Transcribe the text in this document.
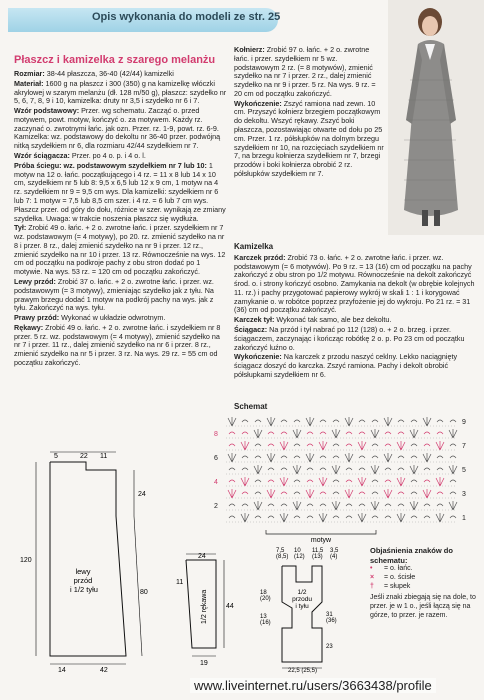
Opis wykonania do modeli ze str. 25
Płaszcz i kamizelka z szarego melanżu

Rozmiar: 38-44 płaszcza, 36-40 (42/44) kamizelki

Materiał: 1600 g na płaszcz i 300 (350) g na kamizelkę włóczki akrylowej w szarym melanżu (dł. 128 m/50 g), płaszcz: szydełko nr 5, 6, 7, 8, 9 i 10, kamizelka: druty nr 3,5 i szydełko nr 6 i 7.

Wzór podstawowy: Przer. wg schematu. Zacząć o. przed motywem, powt. motyw, kończyć o. za motywem. Każdy rz. zaczynać o. zwrotnymi łańc. jak ozn. Przer. rz. 1-9, powt. rz. 6-9. Kamizelka: wz. podstawowy do dekoltu nr 36-40 przer. podwójną nitką szydełkiem nr 6, dla rozmiaru 42/44 szydełkiem nr 7.

Wzór ściągacza: Przer. po 4 o. p. i 4 o. l.

Próba ściegu: wz. podstawowym szydełkiem nr 7 lub 10: 1 motyw na 12 o. łańc. początkującego i 4 rz. = 11 x 8 lub 14 x 10 cm, szydełkiem nr 5 lub 8: 9,5 x 6,5 lub 12 x 9 cm, 1 motyw na 4 rz. szydełkiem nr 9 = 9,5 cm wys. Dla kamizelki: szydełkiem nr 6 lub 7: 1 motyw = 7,5 lub 8,5 cm szer. i 4 rz. = 6 lub 7 cm wys. Płaszcz przer. od góry do dołu, różnice w szer. wynikają ze zmiany szydełka. Uwaga: w trakcie noszenia płaszcz się wydłuża.

Tył: Zrobić 49 o. łańc. + 2 o. zwrotne łańc. i przer. szydełkiem nr 7 wz. podstawowym (= 4 motywy), po 20. rz. zmienić szydełko na nr 8 i przer. 8 rz., dalej zmienić szydełko na nr 9 i przer. 12 rz., zmienić szydełko na nr 10 i przer. 13 rz. Równocześnie na wys. 12 cm od początku na podkroje pachy z obu stron dodać po 1 motywie. Na wys. 53 rz. = 120 cm od początku zakończyć.

Lewy przód: Zrobić 37 o. łańc. + 2 o. zwrotne łańc. i przer. wz. podstawowym (= 3 motywy), zmieniając szydełko jak z tyłu. Na prawym brzegu dodać 1 motyw na podkrój pachy na wys. jak z tyłu. Zakończyć na wys. tyłu.

Prawy przód: Wykonać w układzie odwrotnym.

Rękawy: Zrobić 49 o. łańc. + 2 o. zwrotne łańc. i szydełkiem nr 8 przer. 5 rz. wz. podstawowym (= 4 motywy), zmienić szydełko na nr 7 i przer. 11 rz., dalej zmienić szydełko na nr 6 i przer. 8 rz., zmienić szydełko na nr 5 i przer. 3 rz. Na wys. 29 rz. = 55 cm od początku zakończyć.

Kołnierz: Zrobić 97 o. łańc. + 2 o. zwrotne łańc. i przer. szydełkiem nr 5 wz. podstawowym 2 rz. (= 8 motywów), zmienić szydełko na nr 7 i przer. 2 rz., dalej zmienić szydełko na nr 9 i przer. 5 rz. Na wys. 9 rz. = 20 cm od początku zakończyć.

Wykończenie: Zszyć ramiona nad zewn. 10 cm. Przyszyć kołnierz brzegiem początkowym do dekoltu. Wszyć rękawy. Zszyć boki płaszcza, pozostawiając otwarte od dołu po 25 cm. Przer. 1 rz. półsłupków na dolnym brzegu szydełkiem nr 10, na rozcięciach szydełkiem nr 7, na brzegu kołnierza szydełkiem nr 7, brzegi przodów i boki kołnierza obrobić 2 rz. półsłupków szydełkiem nr 7.

Kamizelka

Karczek przód: Zrobić 73 o. łańc. + 2 o. zwrotne łańc. i przer. wz. podstawowym (= 6 motywów). Po 9 rz. = 13 (16) cm od początku na pachy zakończyć z obu stron po 1/2 motywu. Równocześnie na dekolt zakończyć środ. o. i strony kończyć osobno. Zamykania na dekolt (w obrębie kolejnych 11. rz.) i pachy przygotować papierowy wykrój w skali 1 : 1 i korygować zamykanie o. w robótce poprzez przyfożenie jej do wykroju. Po 21 rz. = 31 (36) cm od początku zakończyć.

Karczek tył: Wykonać tak samo, ale bez dekoltu.

Ściągacz: Na przód i tył nabrać po 112 (128) o. + 2 o. brzeg. i przer. ściągaczem, zaczynając i kończąc robótkę 2 o. p. Po 23 cm od początku zakończyć luźno o.

Wykończenie: Na karczek z przodu naszyć ceklny. Lekko naciągnięty ściągacz doszyć do karczka. Zszyć ramiona. Pachy i dekolt obrobić półsłupkami szydełkiem nr 6.

Schemat
9
8
7
6
5
4
3
2
1
motyw
22 11
5
24
80
120
14	42
lewy przód i 1/2 tyłu
24
11
44
19
1/2 rękawa
7,5 (8,5)
10 (12)
11,5 (13)
3,5 (4)
18 (20)
13 (16)
31 (36)
23
22,5 (25,5)
1/2 przodu i tyłu
Objaśnienia znaków do schematu:
• = o. łańc.
× = o. ścisłe
† = słupek
Jeśli znaki zbiegają się na dole, to przer. je w 1 o., jeśli łączą się na górze, to przer. je razem.
www.liveinternet.ru/users/3663438/profile
